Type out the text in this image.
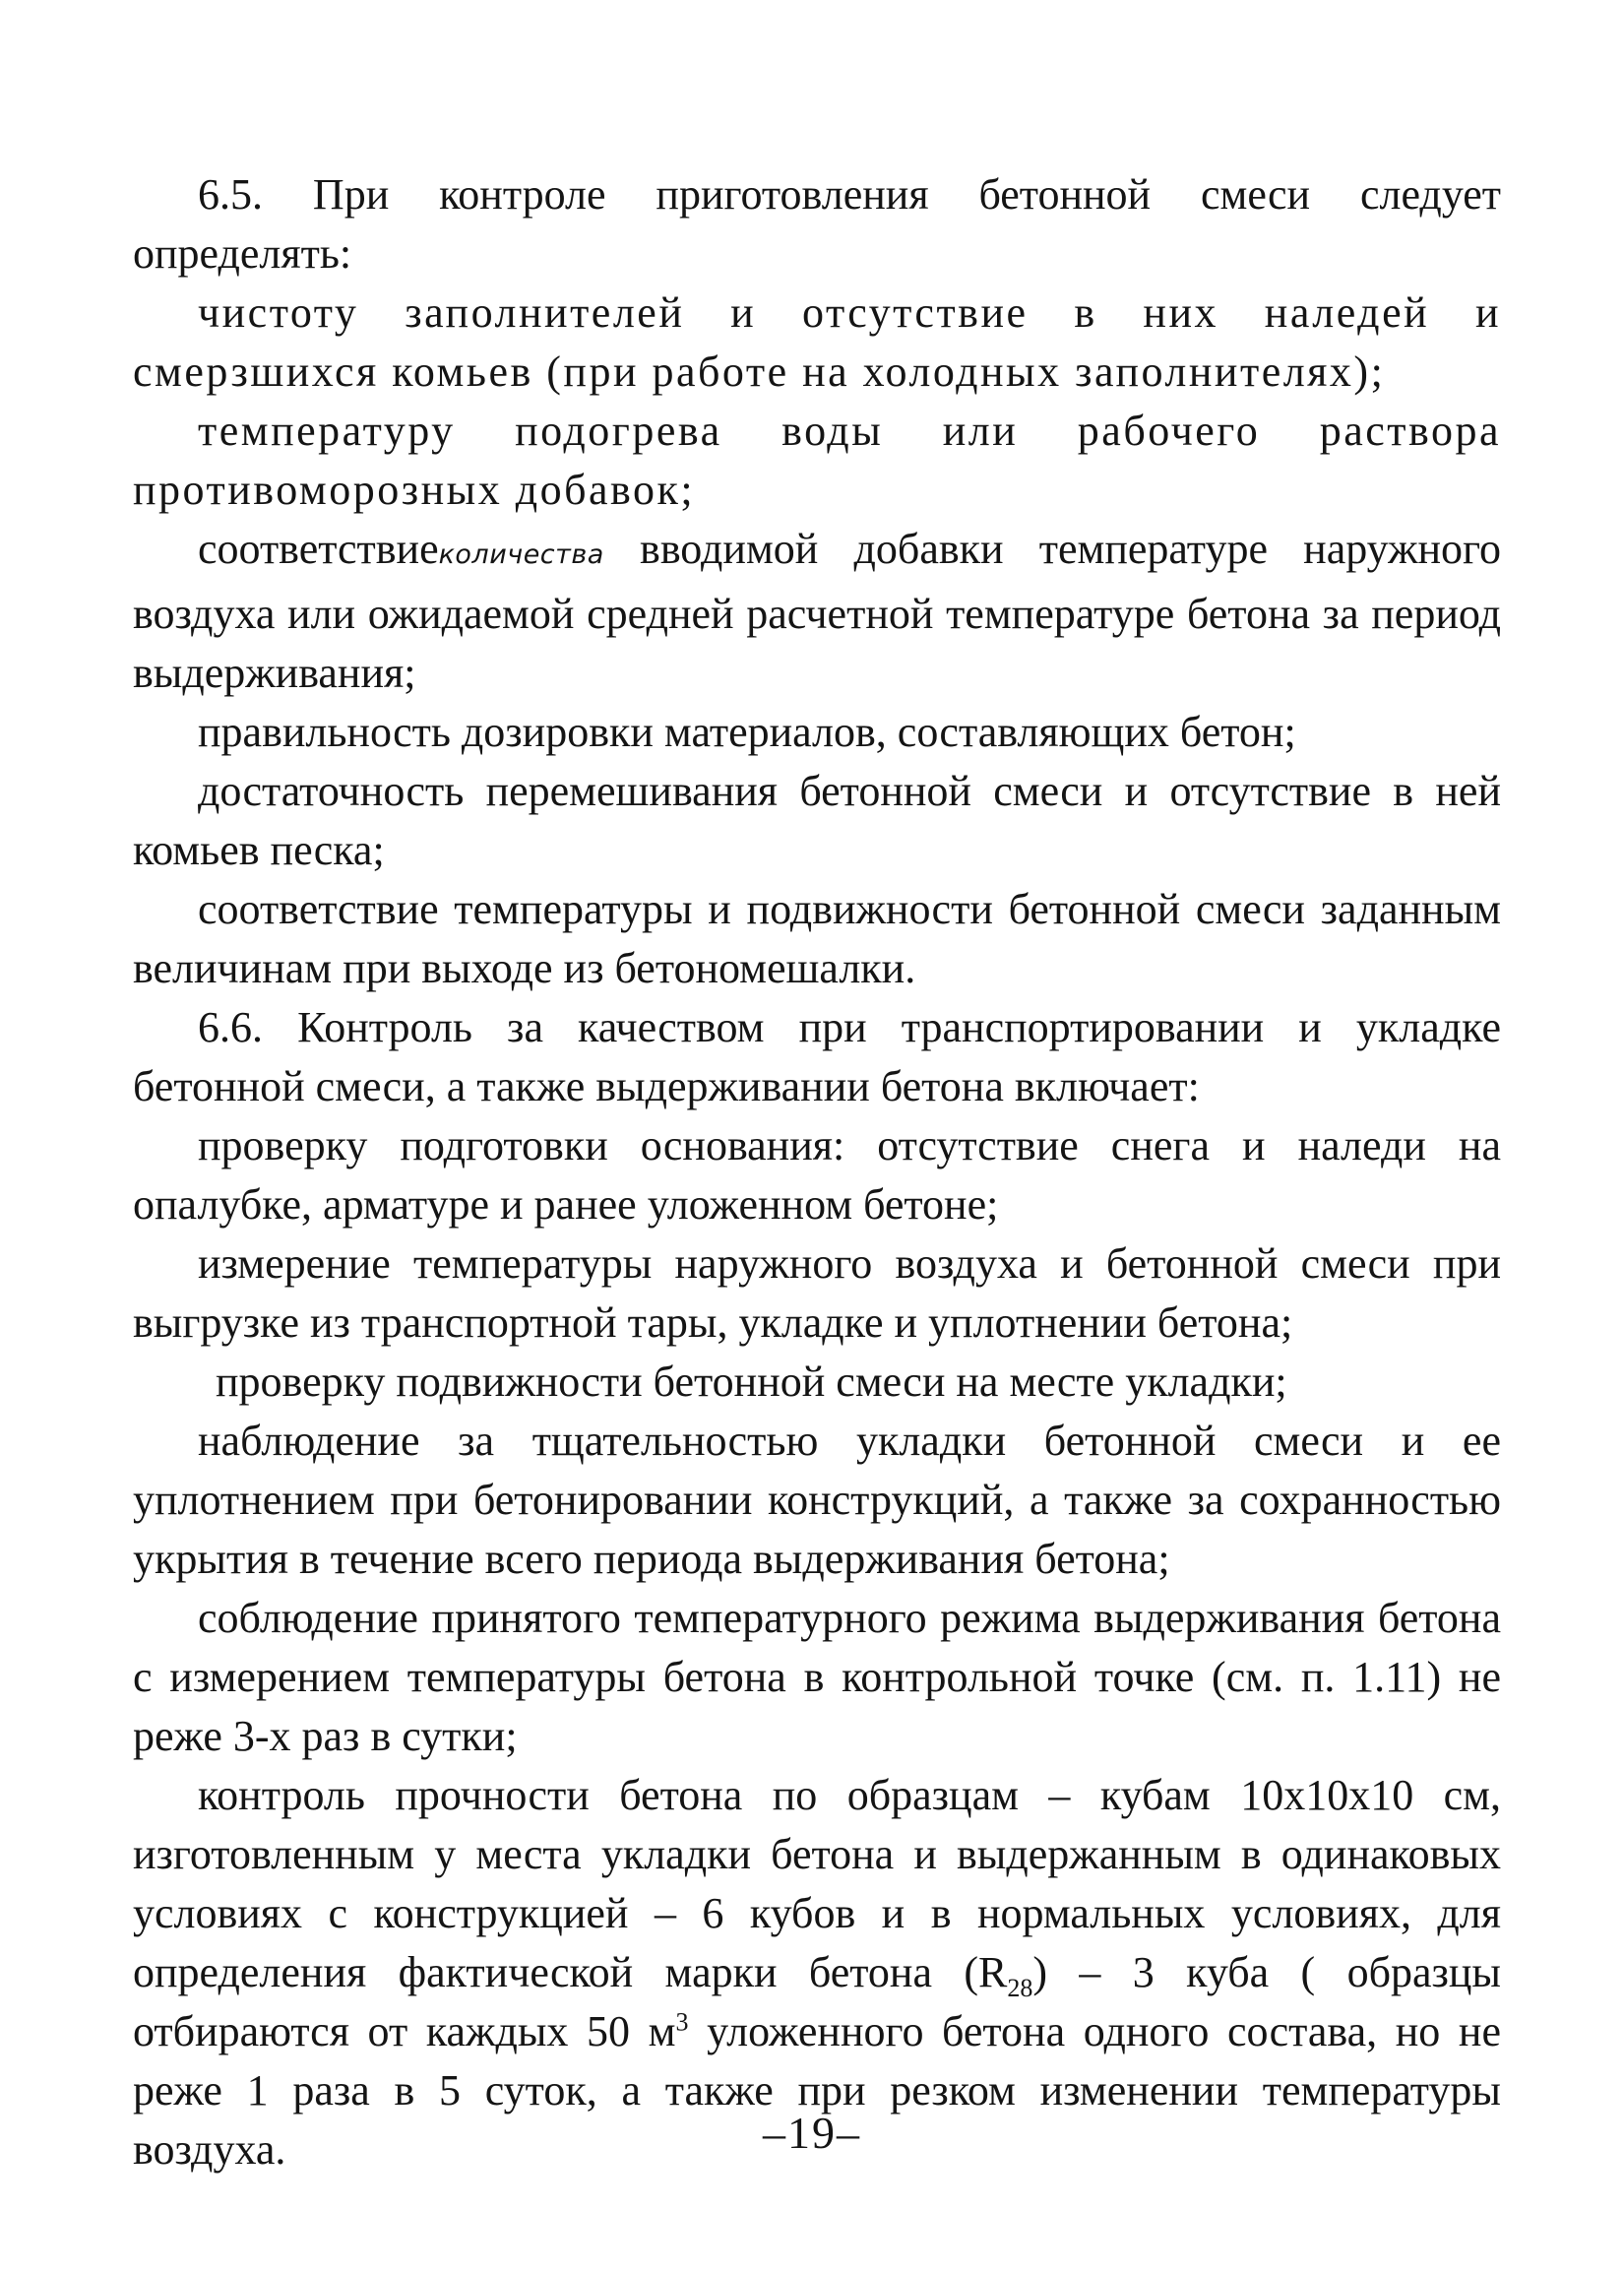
6.5. При контроле приготовления бетонной смеси следует определять:

чистоту заполнителей и отсутствие в них наледей и смерзшихся комьев (при работе на холодных заполнителях);

температуру подогрева воды или рабочего раствора противоморозных добавок;

соответствиеколичества вводимой добавки температуре наружного воздуха или ожидаемой средней расчетной температуре бетона за период выдерживания;

правильность дозировки материалов, составляющих бетон;

достаточность перемешивания бетонной смеси и отсутствие в ней комьев песка;

соответствие температуры и подвижности бетонной смеси заданным величинам при выходе из бетономешалки.

6.6. Контроль за качеством при транспортировании и укладке бетонной смеси, а также выдерживании бетона включает:

проверку подготовки основания: отсутствие снега и наледи на опалубке, арматуре и ранее уложенном бетоне;

измерение температуры наружного воздуха и бетонной смеси при выгрузке из транспортной тары, укладке и уплотнении бетона;

проверку подвижности бетонной смеси на месте укладки;

наблюдение за тщательностью укладки бетонной смеси и ее уплотнением при бетонировании конструкций, а также за сохранностью укрытия в течение всего периода выдерживания бетона;

соблюдение принятого температурного режима выдерживания бетона с измерением температуры бетона в контрольной точке (см. п. 1.11) не реже 3-х раз в сутки;

контроль прочности бетона по образцам – кубам 10x10x10 см, изготовленным у места укладки бетона и выдержанным в одинаковых условиях с конструкцией – 6 кубов и в нормальных условиях, для определения фактической марки бетона $(R_{28}) - 3$ куба ( образцы отбираются от каждых 50 $м^3$ уложенного бетона одного состава, но не реже 1 раза в 5 суток, а также при резком изменении температуры воздуха.	–19–
